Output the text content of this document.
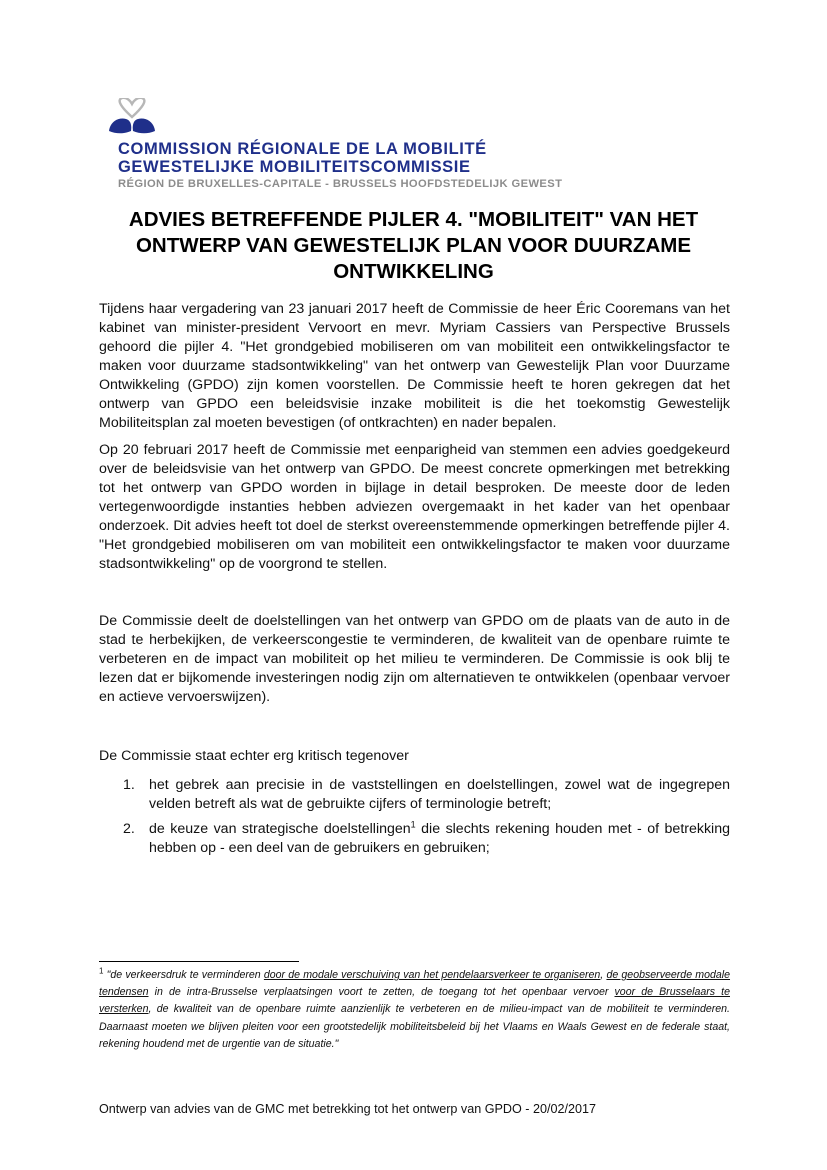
COMMISSION RÉGIONALE DE LA MOBILITÉ
GEWESTELIJKE MOBILITEITSCOMMISSIE
RÉGION DE BRUXELLES-CAPITALE - BRUSSELS HOOFDSTEDELIJK GEWEST
ADVIES BETREFFENDE PIJLER 4. "MOBILITEIT" VAN HET ONTWERP VAN GEWESTELIJK PLAN VOOR DUURZAME ONTWIKKELING

Tijdens haar vergadering van 23 januari 2017 heeft de Commissie de heer Éric Cooremans van het kabinet van minister-president Vervoort en mevr. Myriam Cassiers van Perspective Brussels gehoord die pijler 4. "Het grondgebied mobiliseren om van mobiliteit een ontwikkelingsfactor te maken voor duurzame stadsontwikkeling" van het ontwerp van Gewestelijk Plan voor Duurzame Ontwikkeling (GPDO) zijn komen voorstellen. De Commissie heeft te horen gekregen dat het ontwerp van GPDO een beleidsvisie inzake mobiliteit is die het toekomstig Gewestelijk Mobiliteitsplan zal moeten bevestigen (of ontkrachten) en nader bepalen.

Op 20 februari 2017 heeft de Commissie met eenparigheid van stemmen een advies goedgekeurd over de beleidsvisie van het ontwerp van GPDO. De meest concrete opmerkingen met betrekking tot het ontwerp van GPDO worden in bijlage in detail besproken. De meeste door de leden vertegenwoordigde instanties hebben adviezen overgemaakt in het kader van het openbaar onderzoek. Dit advies heeft tot doel de sterkst overeenstemmende opmerkingen betreffende pijler 4. "Het grondgebied mobiliseren om van mobiliteit een ontwikkelingsfactor te maken voor duurzame stadsontwikkeling" op de voorgrond te stellen.

De Commissie deelt de doelstellingen van het ontwerp van GPDO om de plaats van de auto in de stad te herbekijken, de verkeerscongestie te verminderen, de kwaliteit van de openbare ruimte te verbeteren en de impact van mobiliteit op het milieu te verminderen. De Commissie is ook blij te lezen dat er bijkomende investeringen nodig zijn om alternatieven te ontwikkelen (openbaar vervoer en actieve vervoerswijzen).

De Commissie staat echter erg kritisch tegenover

1. het gebrek aan precisie in de vaststellingen en doelstellingen, zowel wat de ingegrepen velden betreft als wat de gebruikte cijfers of terminologie betreft;
2. de keuze van strategische doelstellingen$^1$ die slechts rekening houden met - of betrekking hebben op - een deel van de gebruikers en gebruiken;

$^1$ "de verkeersdruk te verminderen door de modale verschuiving van het pendelaarsverkeer te organiseren, de geobserveerde modale tendensen in de intra-Brusselse verplaatsingen voort te zetten, de toegang tot het openbaar vervoer voor de Brusselaars te versterken, de kwaliteit van de openbare ruimte aanzienlijk te verbeteren en de milieu-impact van de mobiliteit te verminderen. Daarnaast moeten we blijven pleiten voor een grootstedelijk mobiliteitsbeleid bij het Vlaams en Waals Gewest en de federale staat, rekening houdend met de urgentie van de situatie."

Ontwerp van advies van de GMC met betrekking tot het ontwerp van GPDO - 20/02/2017
